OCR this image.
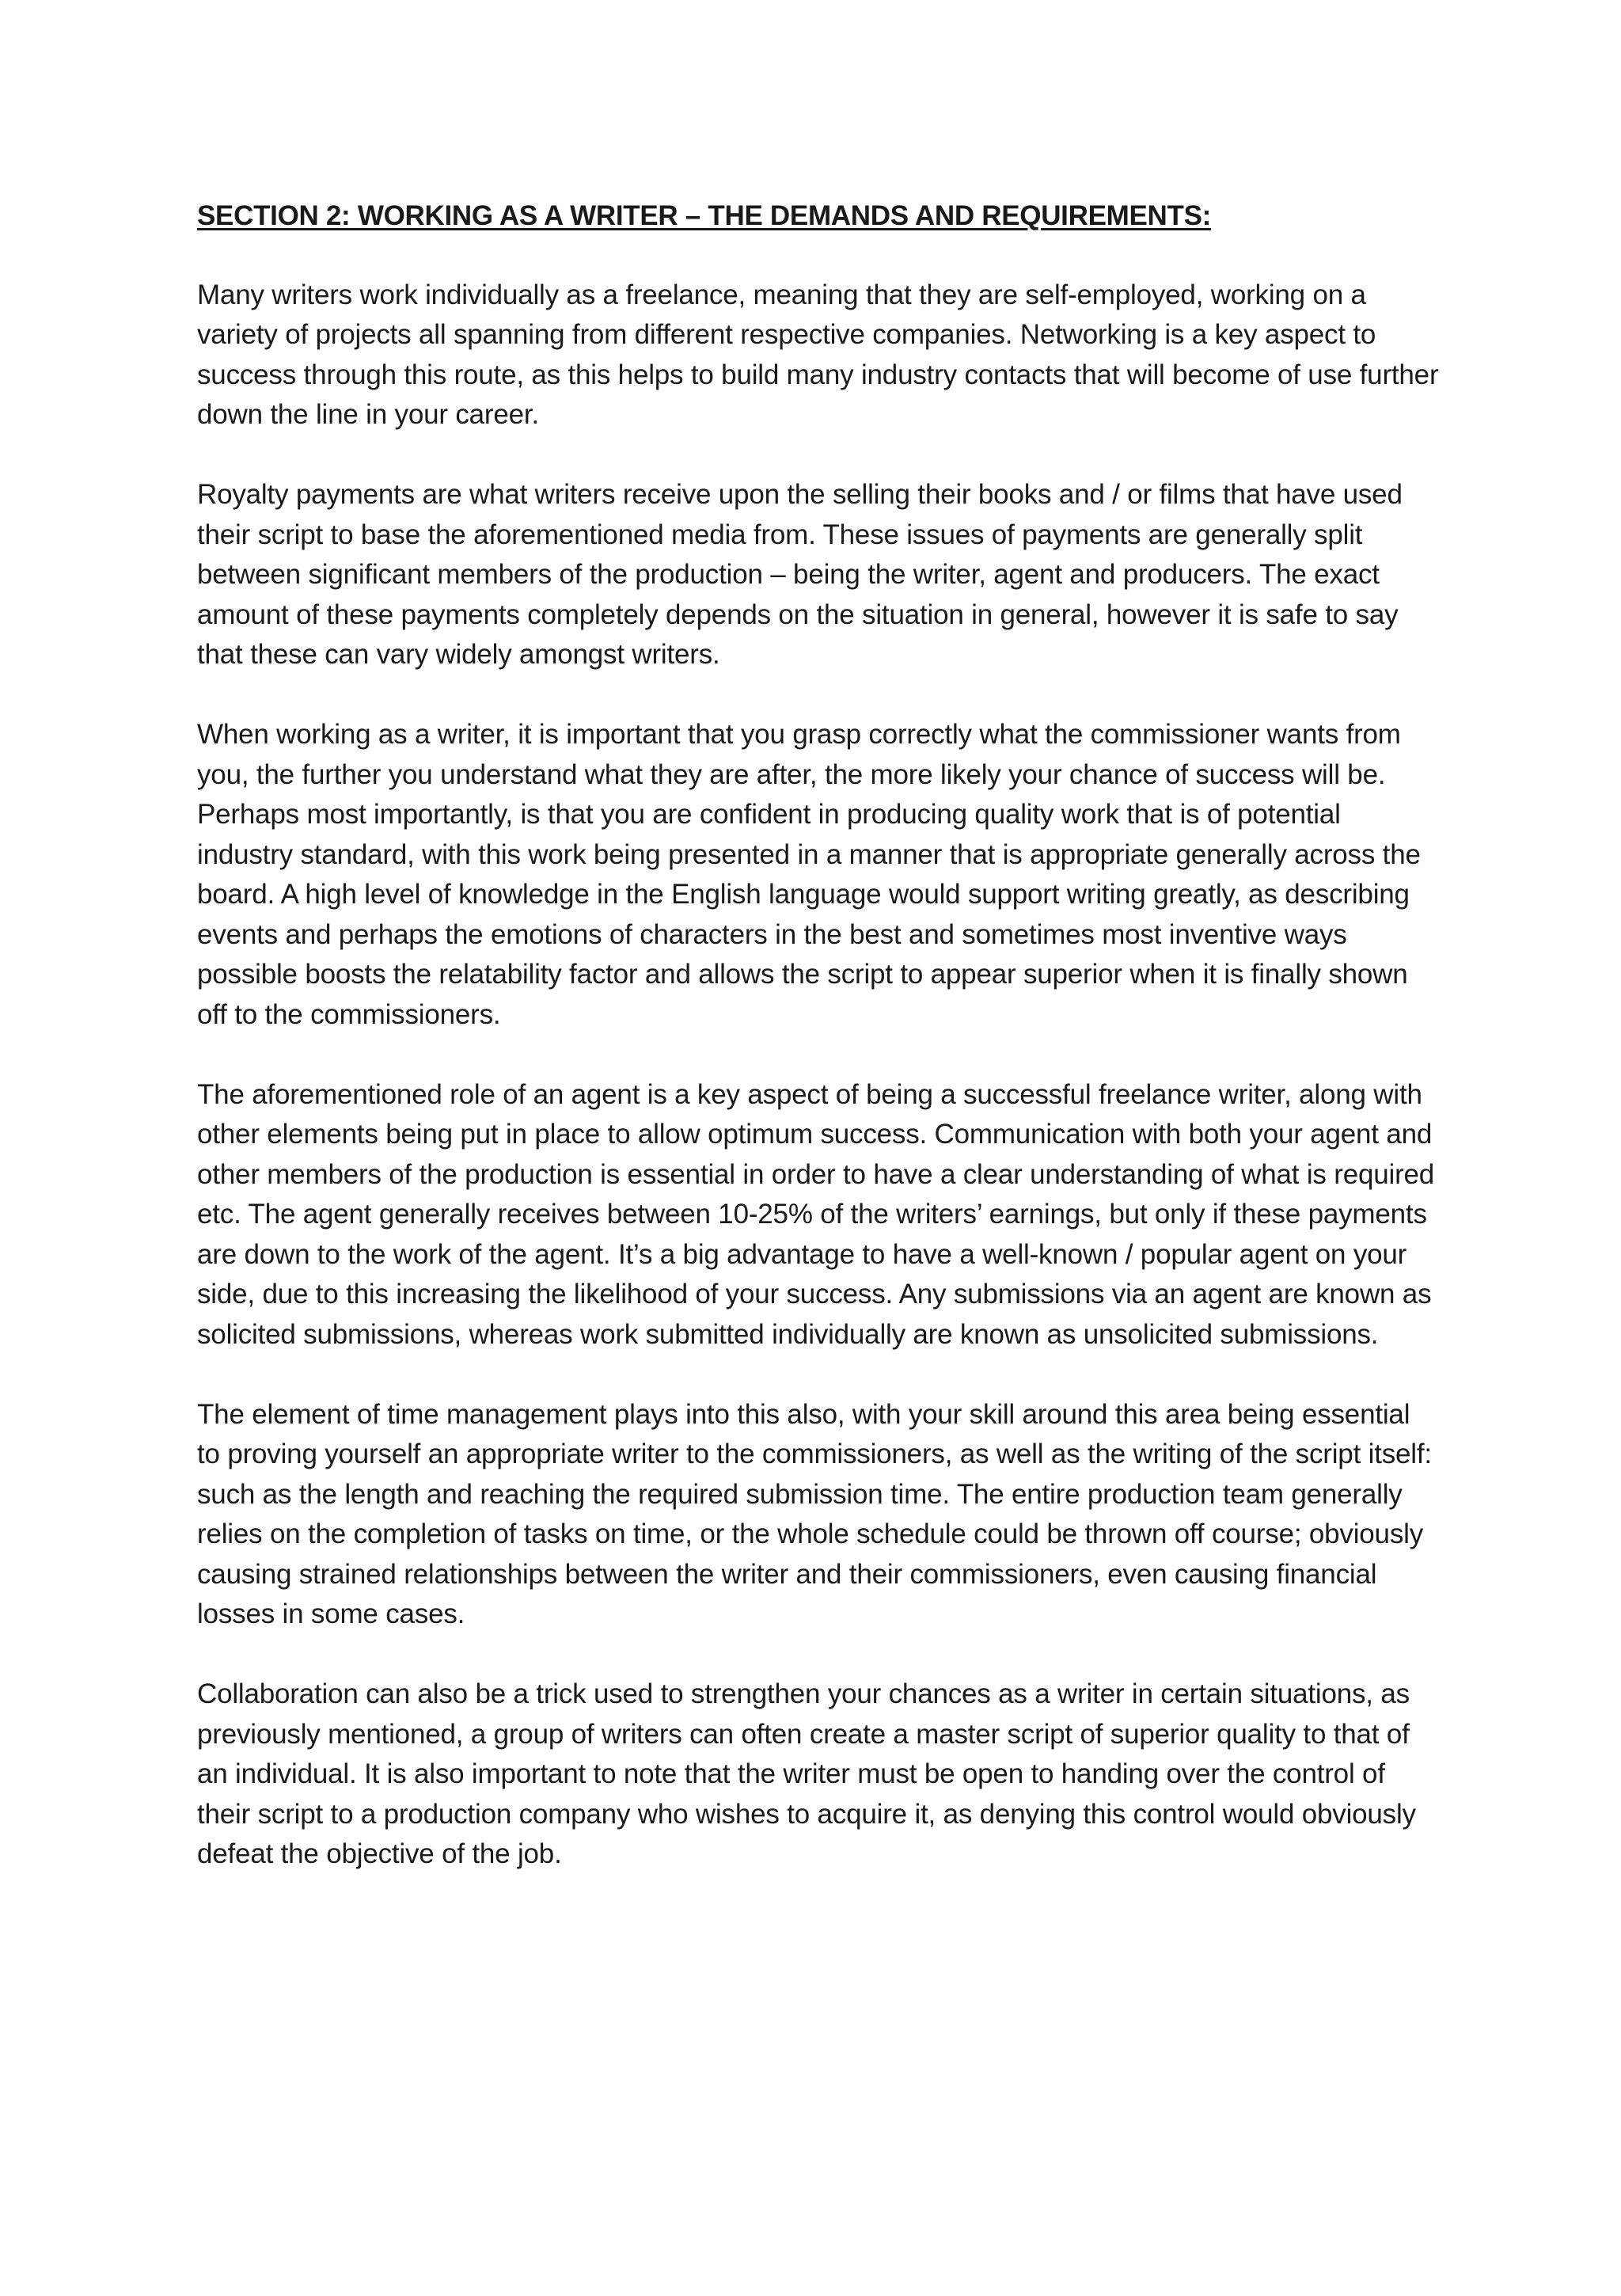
SECTION 2: WORKING AS A WRITER – THE DEMANDS AND REQUIREMENTS:

Many writers work individually as a freelance, meaning that they are self-employed, working on a variety of projects all spanning from different respective companies. Networking is a key aspect to success through this route, as this helps to build many industry contacts that will become of use further down the line in your career.

Royalty payments are what writers receive upon the selling their books and / or films that have used their script to base the aforementioned media from. These issues of payments are generally split between significant members of the production – being the writer, agent and producers. The exact amount of these payments completely depends on the situation in general, however it is safe to say that these can vary widely amongst writers.

When working as a writer, it is important that you grasp correctly what the commissioner wants from you, the further you understand what they are after, the more likely your chance of success will be. Perhaps most importantly, is that you are confident in producing quality work that is of potential industry standard, with this work being presented in a manner that is appropriate generally across the board. A high level of knowledge in the English language would support writing greatly, as describing events and perhaps the emotions of characters in the best and sometimes most inventive ways possible boosts the relatability factor and allows the script to appear superior when it is finally shown off to the commissioners.

The aforementioned role of an agent is a key aspect of being a successful freelance writer, along with other elements being put in place to allow optimum success. Communication with both your agent and other members of the production is essential in order to have a clear understanding of what is required etc. The agent generally receives between 10-25% of the writers’ earnings, but only if these payments are down to the work of the agent. It’s a big advantage to have a well-known / popular agent on your side, due to this increasing the likelihood of your success. Any submissions via an agent are known as solicited submissions, whereas work submitted individually are known as unsolicited submissions.

The element of time management plays into this also, with your skill around this area being essential to proving yourself an appropriate writer to the commissioners, as well as the writing of the script itself: such as the length and reaching the required submission time. The entire production team generally relies on the completion of tasks on time, or the whole schedule could be thrown off course; obviously causing strained relationships between the writer and their commissioners, even causing financial losses in some cases.

Collaboration can also be a trick used to strengthen your chances as a writer in certain situations, as previously mentioned, a group of writers can often create a master script of superior quality to that of an individual. It is also important to note that the writer must be open to handing over the control of their script to a production company who wishes to acquire it, as denying this control would obviously defeat the objective of the job.
